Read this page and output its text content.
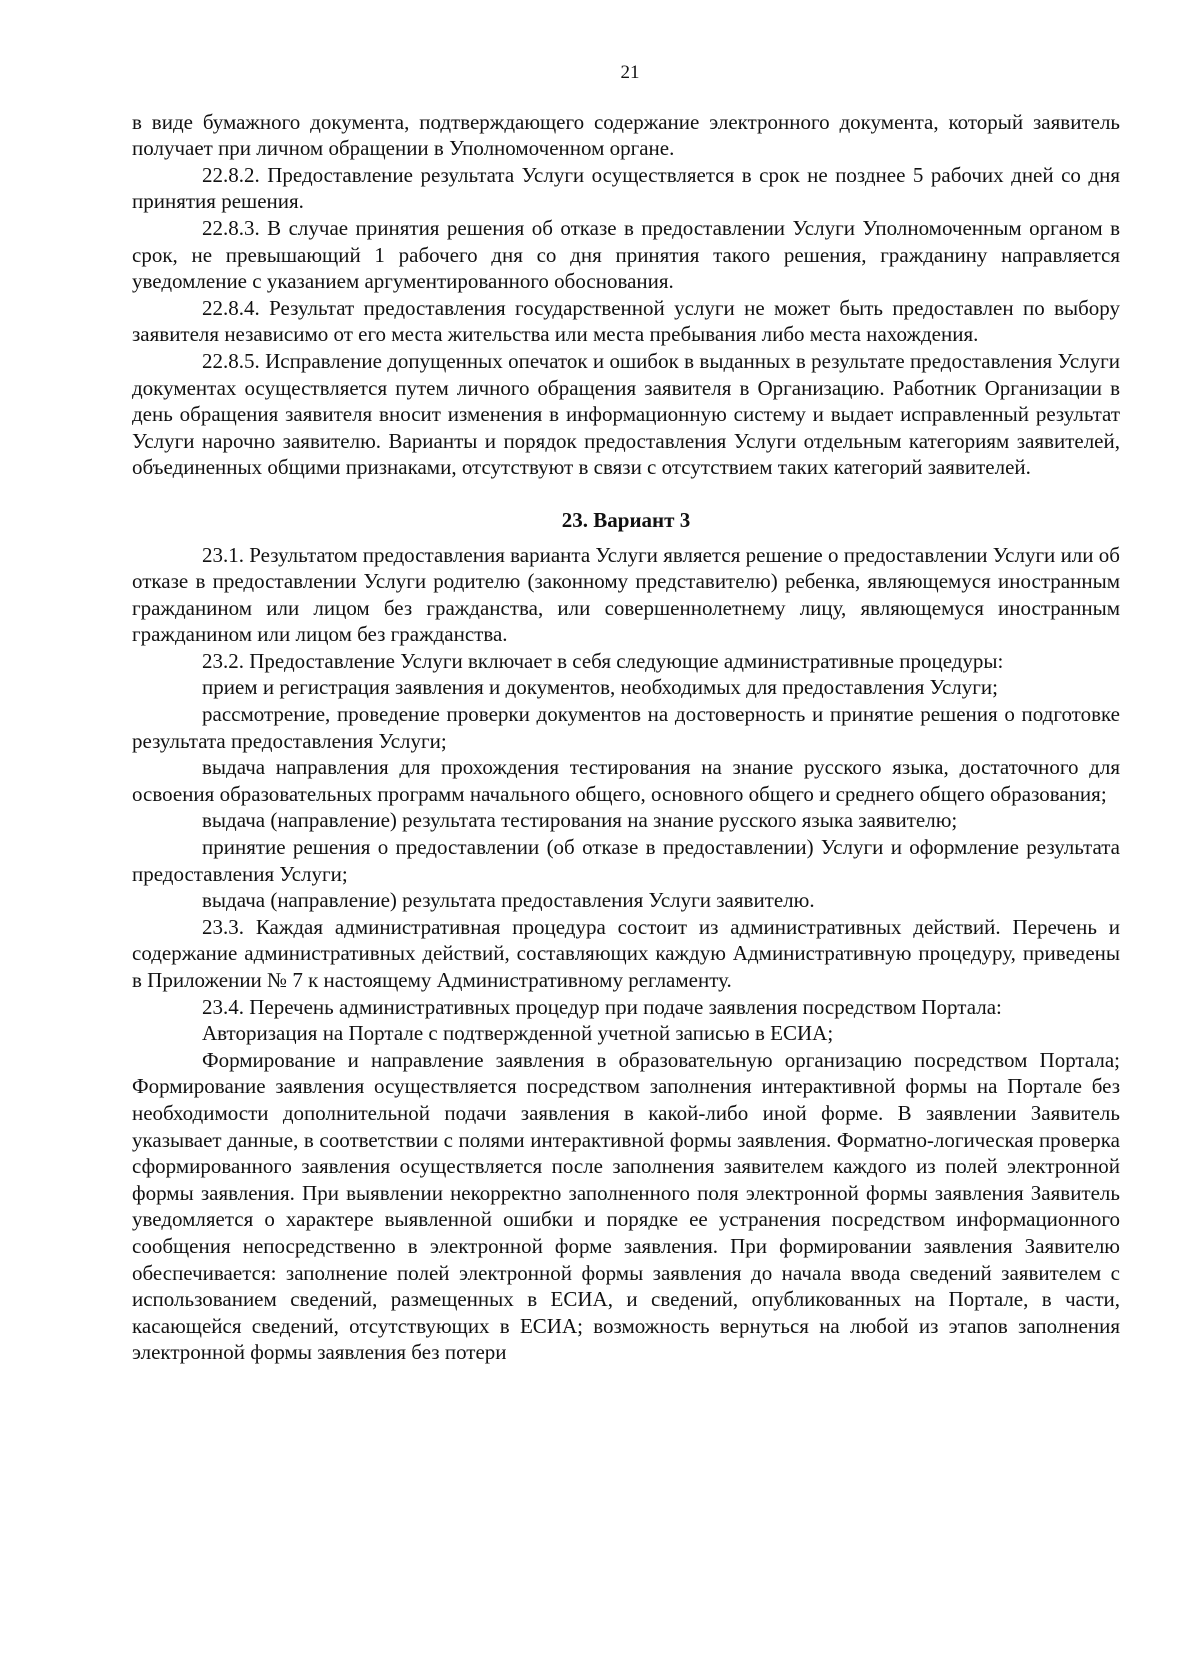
21

в виде бумажного документа, подтверждающего содержание электронного документа, который заявитель получает при личном обращении в Уполномоченном органе.

22.8.2. Предоставление результата Услуги осуществляется в срок не позднее 5 рабочих дней со дня принятия решения.

22.8.3. В случае принятия решения об отказе в предоставлении Услуги Уполномоченным органом в срок, не превышающий 1 рабочего дня со дня принятия такого решения, гражданину направляется уведомление с указанием аргументированного обоснования.

22.8.4. Результат предоставления государственной услуги не может быть предоставлен по выбору заявителя независимо от его места жительства или места пребывания либо места нахождения.

22.8.5. Исправление допущенных опечаток и ошибок в выданных в результате предоставления Услуги документах осуществляется путем личного обращения заявителя в Организацию. Работник Организации в день обращения заявителя вносит изменения в информационную систему и выдает исправленный результат Услуги нарочно заявителю. Варианты и порядок предоставления Услуги отдельным категориям заявителей, объединенных общими признаками, отсутствуют в связи с отсутствием таких категорий заявителей.

23. Вариант 3

23.1. Результатом предоставления варианта Услуги является решение о предоставлении Услуги или об отказе в предоставлении Услуги родителю (законному представителю) ребенка, являющемуся иностранным гражданином или лицом без гражданства, или совершеннолетнему лицу, являющемуся иностранным гражданином или лицом без гражданства.

23.2. Предоставление Услуги включает в себя следующие административные процедуры:

прием и регистрация заявления и документов, необходимых для предоставления Услуги;

рассмотрение, проведение проверки документов на достоверность и принятие решения о подготовке результата предоставления Услуги;

выдача направления для прохождения тестирования на знание русского языка, достаточного для освоения образовательных программ начального общего, основного общего и среднего общего образования;

выдача (направление) результата тестирования на знание русского языка заявителю;

принятие решения о предоставлении (об отказе в предоставлении) Услуги и оформление результата предоставления Услуги;

выдача (направление) результата предоставления Услуги заявителю.

23.3. Каждая административная процедура состоит из административных действий. Перечень и содержание административных действий, составляющих каждую Административную процедуру, приведены в Приложении № 7 к настоящему Административному регламенту.

23.4. Перечень административных процедур при подаче заявления посредством Портала:

Авторизация на Портале с подтвержденной учетной записью в ЕСИА;

Формирование и направление заявления в образовательную организацию посредством Портала; Формирование заявления осуществляется посредством заполнения интерактивной формы на Портале без необходимости дополнительной подачи заявления в какой-либо иной форме. В заявлении Заявитель указывает данные, в соответствии с полями интерактивной формы заявления. Форматно-логическая проверка сформированного заявления осуществляется после заполнения заявителем каждого из полей электронной формы заявления. При выявлении некорректно заполненного поля электронной формы заявления Заявитель уведомляется о характере выявленной ошибки и порядке ее устранения посредством информационного сообщения непосредственно в электронной форме заявления. При формировании заявления Заявителю обеспечивается: заполнение полей электронной формы заявления до начала ввода сведений заявителем с использованием сведений, размещенных в ЕСИА, и сведений, опубликованных на Портале, в части, касающейся сведений, отсутствующих в ЕСИА; возможность вернуться на любой из этапов заполнения электронной формы заявления без потери
